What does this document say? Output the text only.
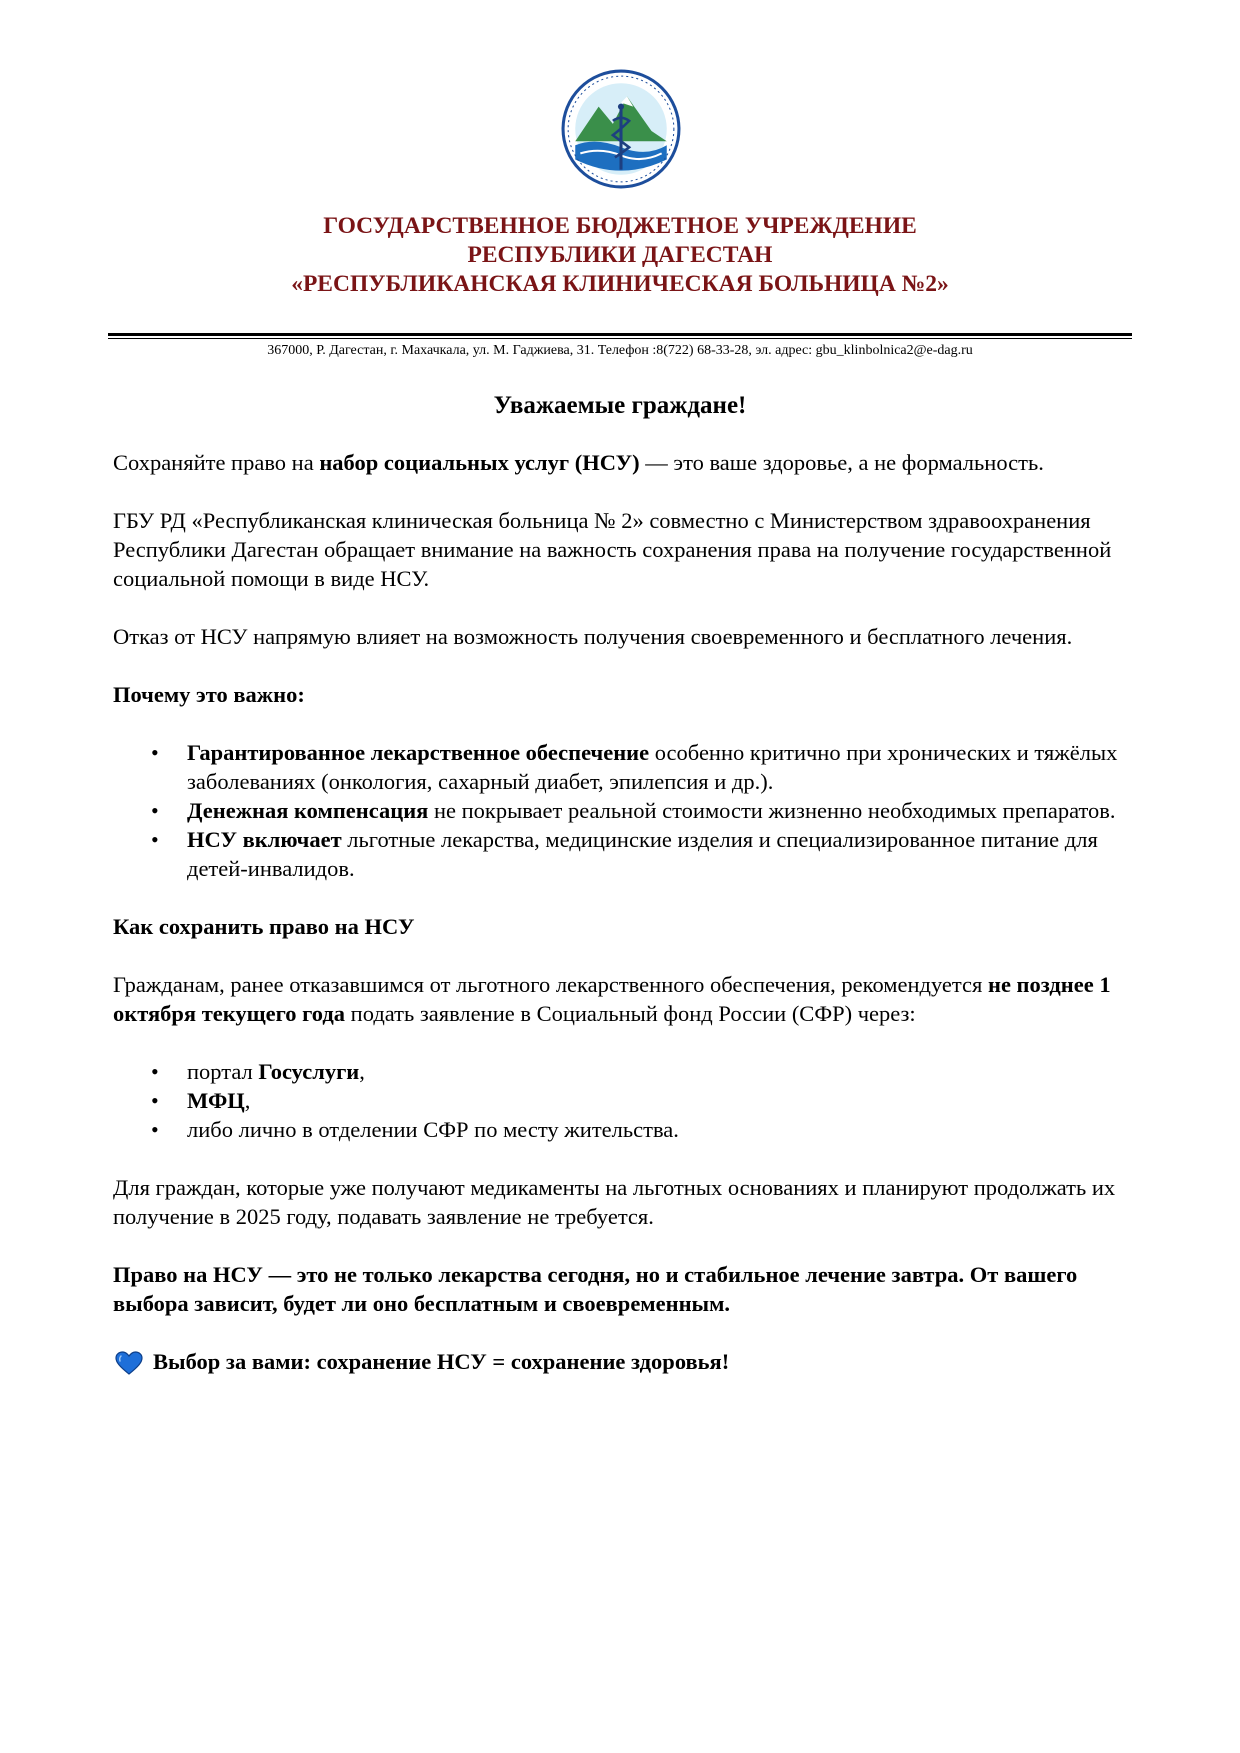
ГОСУДАРСТВЕННОЕ БЮДЖЕТНОЕ УЧРЕЖДЕНИЕ
РЕСПУБЛИКИ ДАГЕСТАН
«РЕСПУБЛИКАНСКАЯ КЛИНИЧЕСКАЯ БОЛЬНИЦА №2»
367000, Р. Дагестан, г. Махачкала, ул. М. Гаджиева, 31. Телефон :8(722) 68-33-28, эл. адрес: gbu_klinbolnica2@e-dag.ru
Уважаемые граждане!

Сохраняйте право на набор социальных услуг (НСУ) — это ваше здоровье, а не формальность.

ГБУ РД «Республиканская клиническая больница № 2» совместно с Министерством здравоохранения Республики Дагестан обращает внимание на важность сохранения права на получение государственной социальной помощи в виде НСУ.

Отказ от НСУ напрямую влияет на возможность получения своевременного и бесплатного лечения.

Почему это важно:

• Гарантированное лекарственное обеспечение особенно критично при хронических и тяжёлых заболеваниях (онкология, сахарный диабет, эпилепсия и др.).
• Денежная компенсация не покрывает реальной стоимости жизненно необходимых препаратов.
• НСУ включает льготные лекарства, медицинские изделия и специализированное питание для детей-инвалидов.

Как сохранить право на НСУ

Гражданам, ранее отказавшимся от льготного лекарственного обеспечения, рекомендуется не позднее 1 октября текущего года подать заявление в Социальный фонд России (СФР) через:

• портал Госуслуги,
• МФЦ,
• либо лично в отделении СФР по месту жительства.

Для граждан, которые уже получают медикаменты на льготных основаниях и планируют продолжать их получение в 2025 году, подавать заявление не требуется.

Право на НСУ — это не только лекарства сегодня, но и стабильное лечение завтра. От вашего выбора зависит, будет ли оно бесплатным и своевременным.

Выбор за вами: сохранение НСУ = сохранение здоровья!
